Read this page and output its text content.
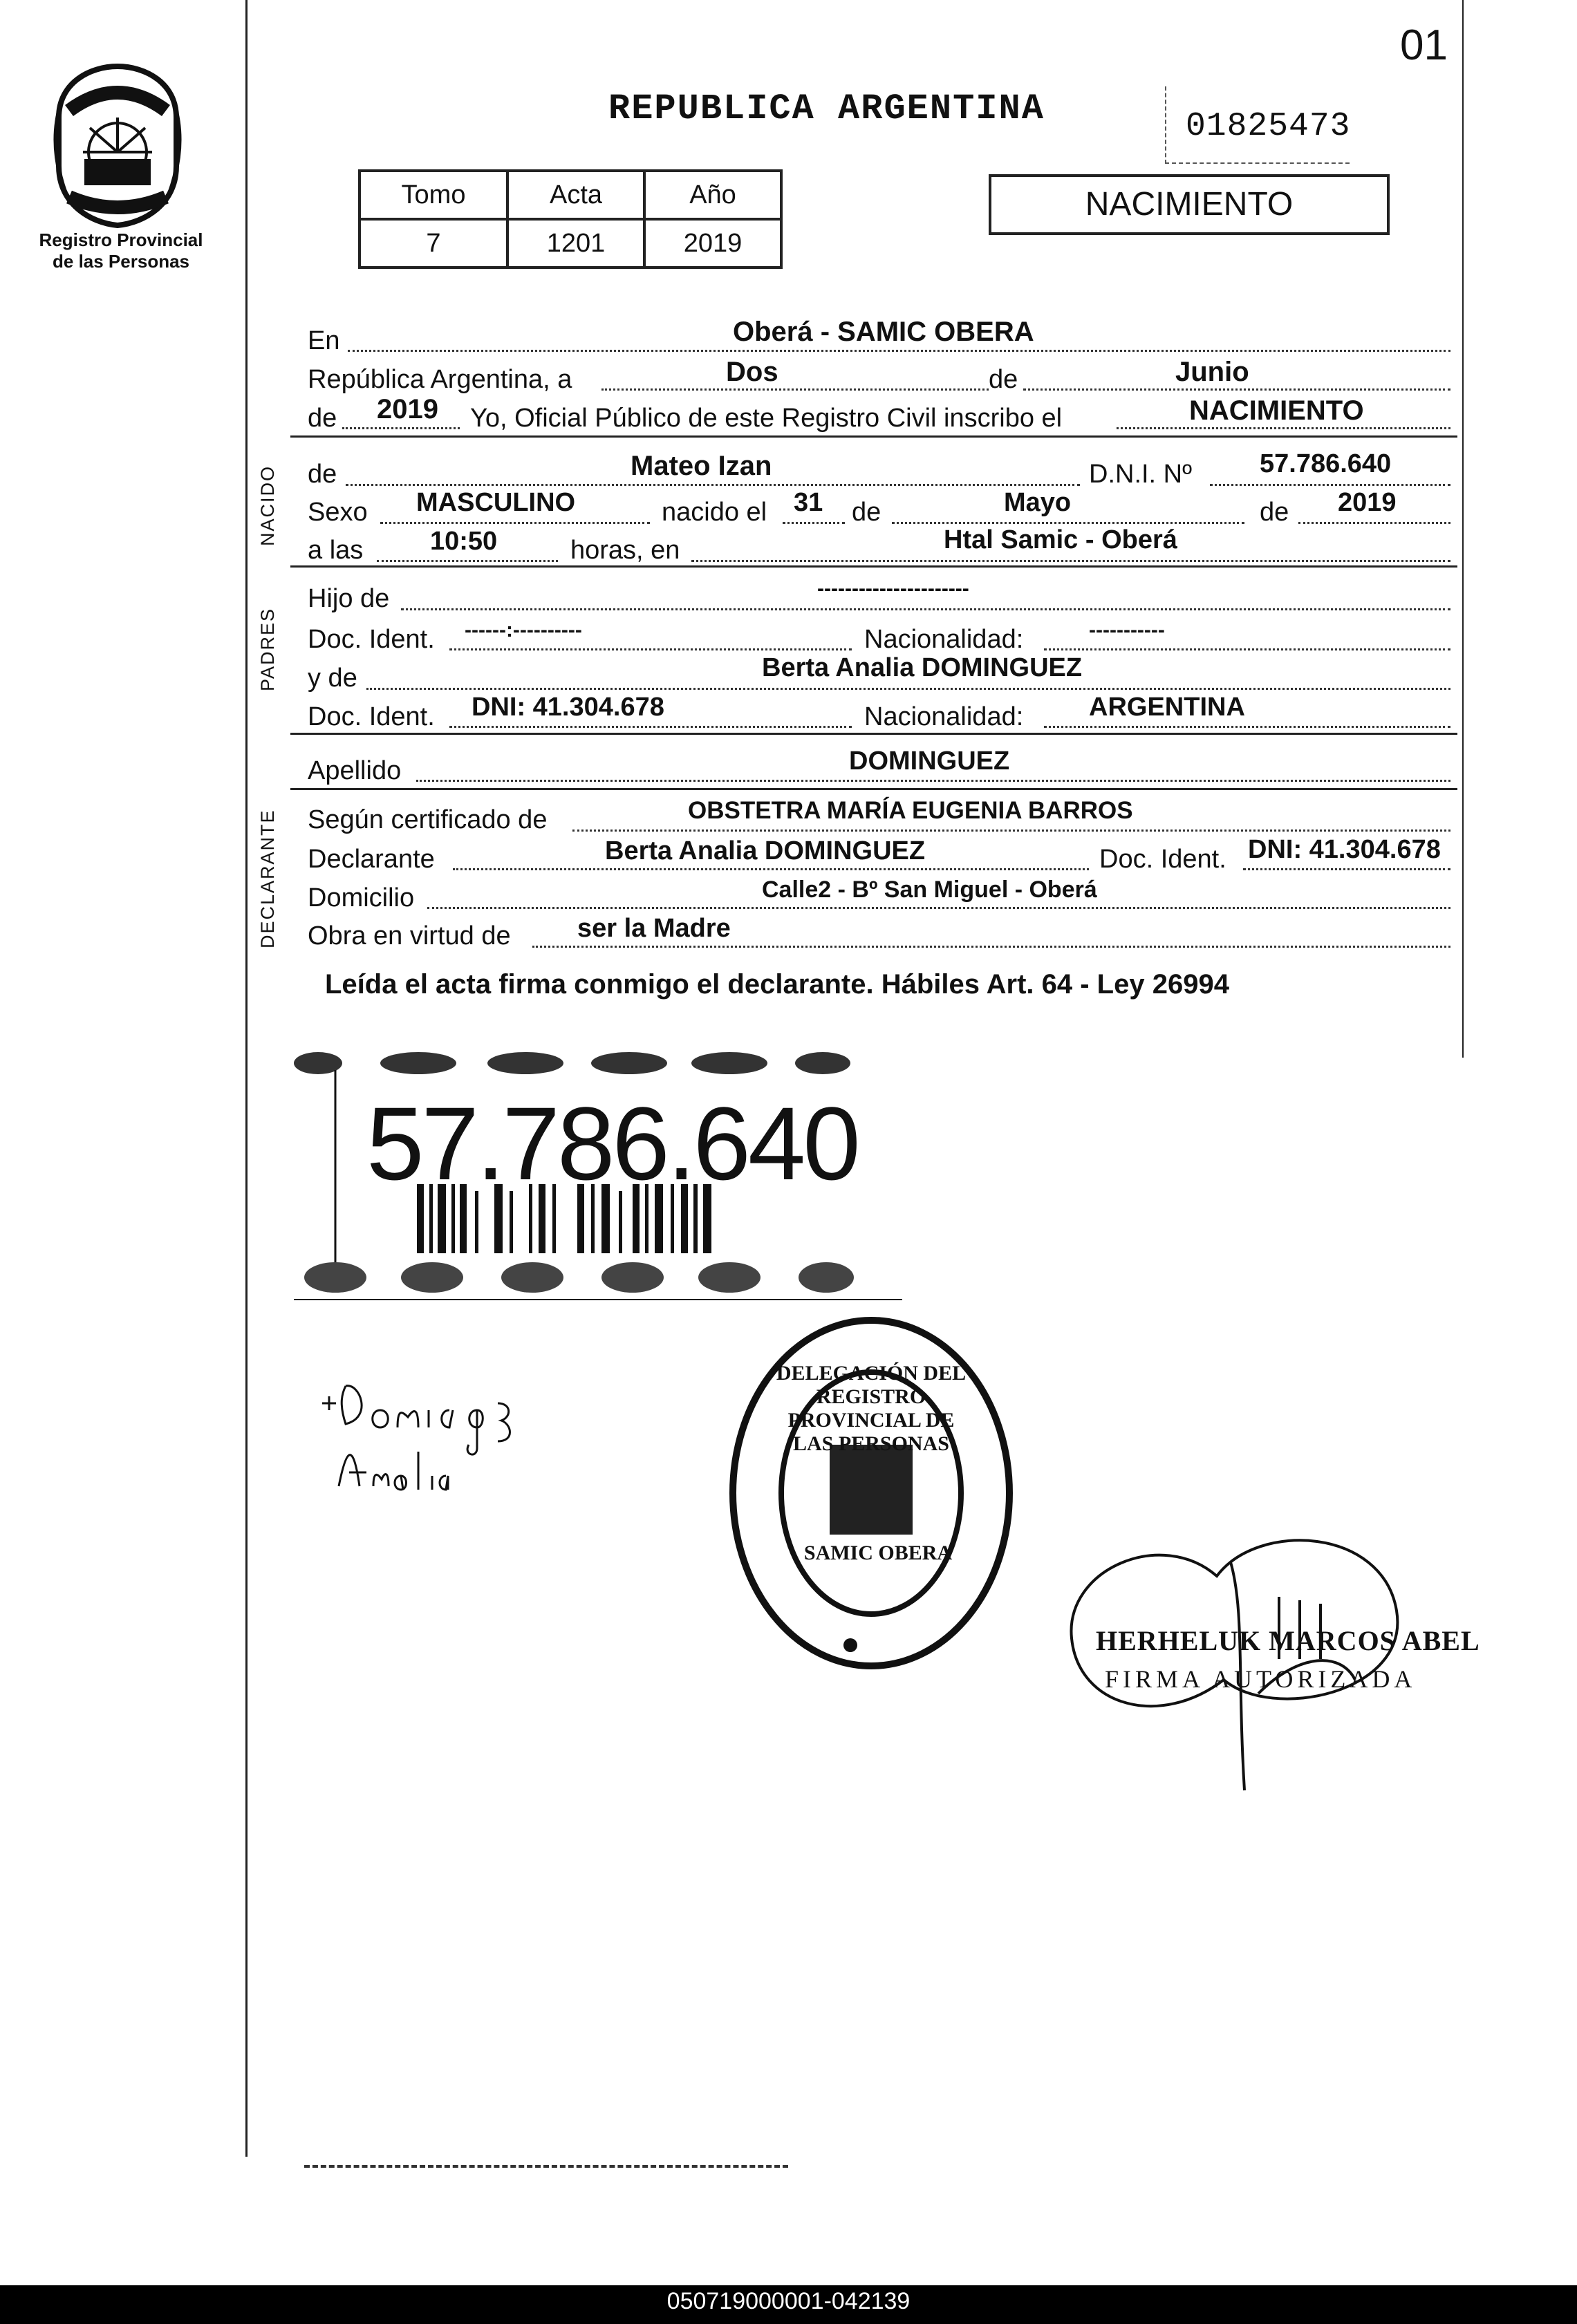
01
Registro Provincial
de las Personas
REPUBLICA ARGENTINA	01825473
Tomo	Acta	Año
7	1201	2019
NACIMIENTO
En	Oberá - SAMIC OBERA
República Argentina, a	Dos	de	Junio
de 2019 Yo, Oficial Público de este Registro Civil inscribo el	NACIMIENTO
NACIDO de	Mateo Izan	D.N.I. Nº	57.786.640
Sexo MASCULINO	nacido el 31 de	Mayo	de 2019
a las	10:50	horas, en	Htal Samic - Oberá
PADRES
Hijo de	----------------------
Doc. Ident. ------:----------	Nacionalidad:	-----------
y de	Berta Analia DOMINGUEZ
Doc. Ident. DNI: 41.304.678	Nacionalidad: ARGENTINA
Apellido	DOMINGUEZ
DECLARANTE Según certificado de	OBSTETRA MARÍA EUGENIA BARROS
Declarante	Berta Analia DOMINGUEZ	Doc. Ident. DNI: 41.304.678
Domicilio	Calle2 - Bº San Miguel - Oberá
Obra en virtud de	ser la Madre
Leída el acta firma conmigo el declarante. Hábiles Art. 64 - Ley 26994
57.786.640
DELEGACIÓN DEL REGISTRO PROVINCIAL DE LAS PERSONAS
SAMIC OBERA
HERHELUK MARCOS ABEL
FIRMA AUTORIZADA
050719000001-042139
